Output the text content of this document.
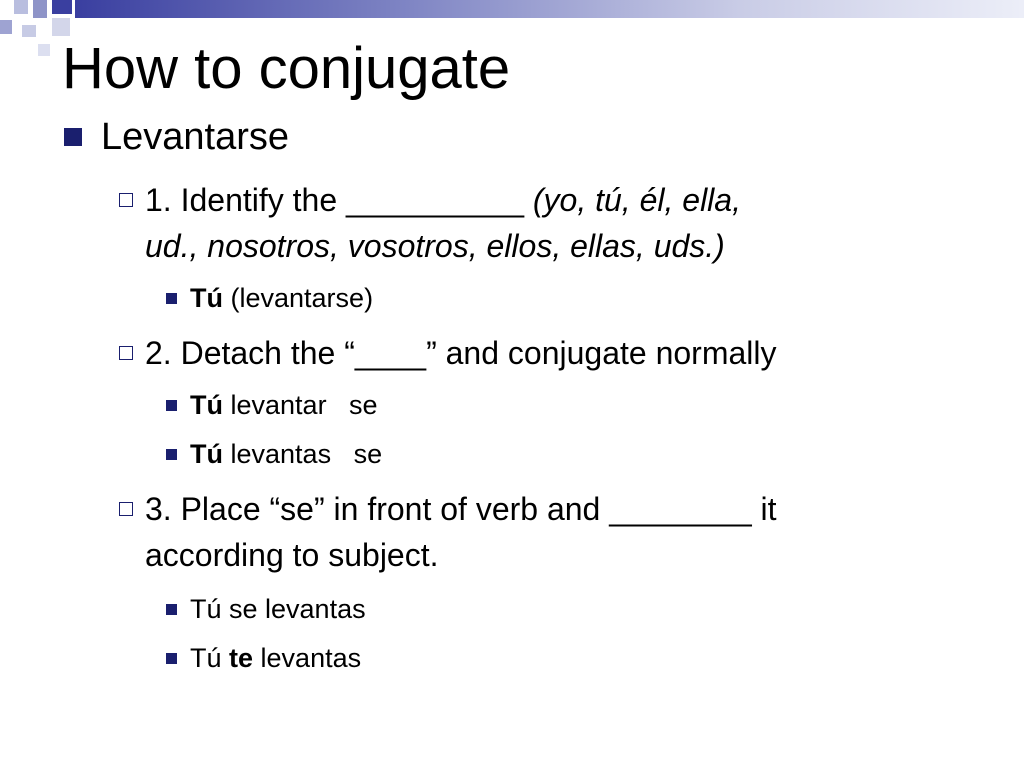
How to conjugate
Levantarse
1. Identify the __________ (yo, tú, él, ella,
ud., nosotros, vosotros, ellos, ellas, uds.)
Tú (levantarse)
2. Detach the “____” and conjugate normally
Tú levantar   se
Tú levantas   se
3. Place “se” in front of verb and ________ it
according to subject.
Tú se levantas
Tú te levantas
